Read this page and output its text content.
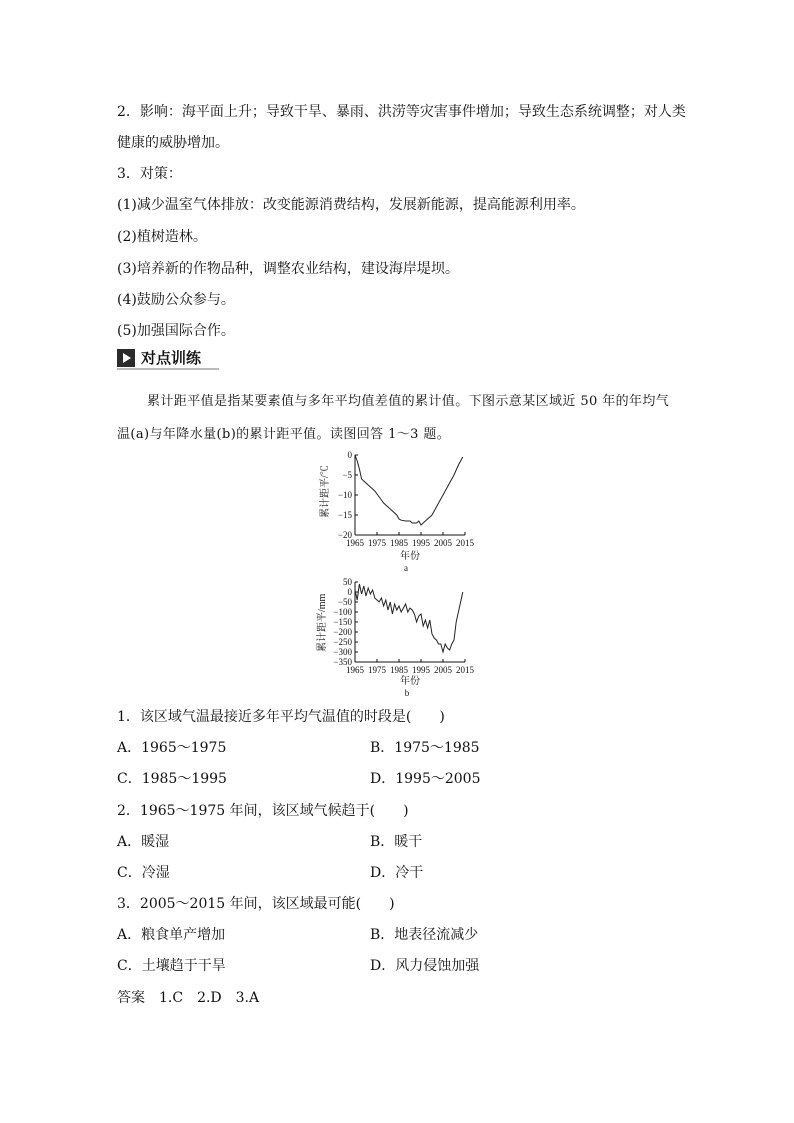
2．影响：海平面上升；导致干旱、暴雨、洪涝等灾害事件增加；导致生态系统调整；对人类
健康的威胁增加。
3．对策：
(1)减少温室气体排放：改变能源消费结构，发展新能源，提高能源利用率。
(2)植树造林。
(3)培养新的作物品种，调整农业结构，建设海岸堤坝。
(4)鼓励公众参与。
(5)加强国际合作。
对点训练
累计距平值是指某要素值与多年平均值差值的累计值。下图示意某区域近 50 年的年均气
温(a)与年降水量(b)的累计距平值。读图回答 1～3 题。
0
−5
−10
−15
−20
1965 1975 1985 1995 2005 2015
累计距平/℃
年份
a
50
0
−50
−100
−150
−200
−250
−300
−350
1965 1975 1985 1995 2005 2015
累计距平/mm
年份
b
1．该区域气温最接近多年平均气温值的时段是(　　)
A．1965～1975	B．1975～1985
C．1985～1995	D．1995～2005
2．1965～1975 年间，该区域气候趋于(　　)
A．暖湿	B．暖干
C．冷湿	D．冷干
3．2005～2015 年间，该区域最可能(　　)
A．粮食单产增加	B．地表径流减少
C．土壤趋于干旱	D．风力侵蚀加强
答案　1.C　2.D　3.A
